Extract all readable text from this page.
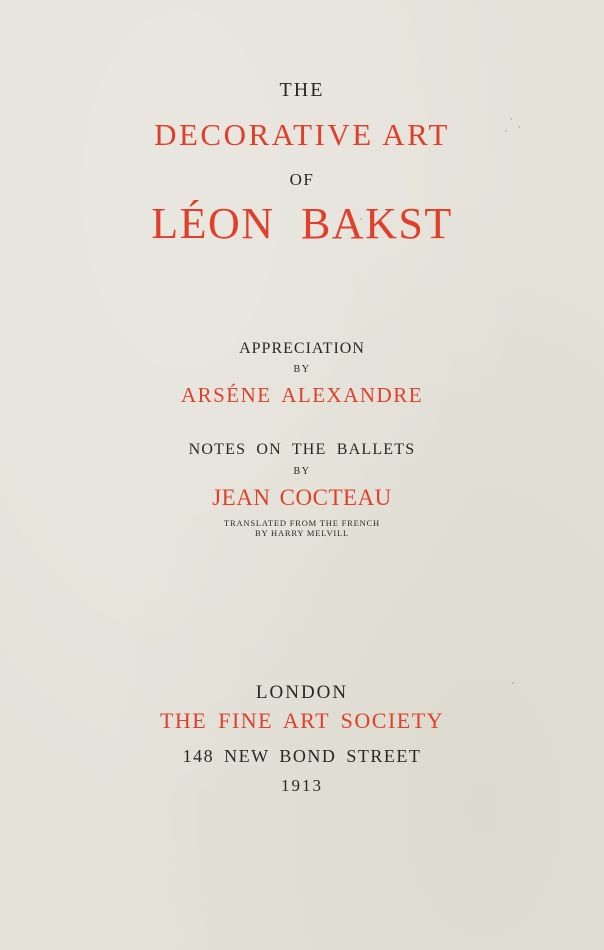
THE
DECORATIVE ART
OF
LÉON BAKST
APPRECIATION
BY
ARSÉNE ALEXANDRE
NOTES ON THE BALLETS
BY
JEAN COCTEAU
TRANSLATED FROM THE FRENCH
BY HARRY MELVILL
LONDON
THE FINE ART SOCIETY
148 NEW BOND STREET
1913
